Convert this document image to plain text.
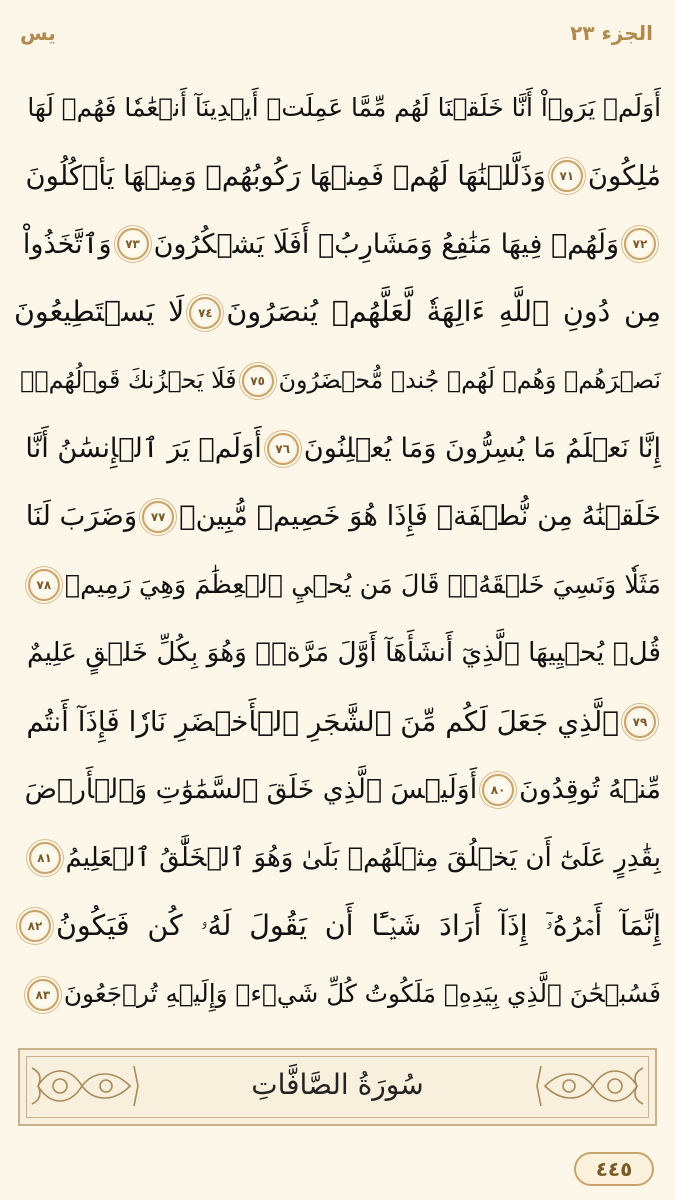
يس	الجزء ٢٣
أَوَلَمۡ يَرَوۡاْ أَنَّا خَلَقۡنَا لَهُم مِّمَّا عَمِلَتۡ أَيۡدِينَآ أَنۡعَٰمٗا فَهُمۡ لَهَا
مَٰلِكُونَ
٧١
وَذَلَّلۡنَٰهَا لَهُمۡ فَمِنۡهَا رَكُوبُهُمۡ وَمِنۡهَا يَأۡكُلُونَ
٧٢
وَلَهُمۡ فِيهَا مَنَٰفِعُ وَمَشَارِبُۚ أَفَلَا يَشۡكُرُونَ
٧٣
وَٱتَّخَذُواْ
مِن دُونِ ٱللَّهِ ءَالِهَةٗ لَّعَلَّهُمۡ يُنصَرُونَ
٧٤
لَا يَسۡتَطِيعُونَ
نَصۡرَهُمۡ وَهُمۡ لَهُمۡ جُندٞ مُّحۡضَرُونَ
٧٥
فَلَا يَحۡزُنكَ قَوۡلُهُمۡۘ
إِنَّا نَعۡلَمُ مَا يُسِرُّونَ وَمَا يُعۡلِنُونَ
٧٦
أَوَلَمۡ يَرَ ٱلۡإِنسَٰنُ أَنَّا
خَلَقۡنَٰهُ مِن نُّطۡفَةٖ فَإِذَا هُوَ خَصِيمٞ مُّبِينٞ
٧٧
وَضَرَبَ لَنَا
مَثَلٗا وَنَسِيَ خَلۡقَهُۥۖ قَالَ مَن يُحۡيِ ٱلۡعِظَٰمَ وَهِيَ رَمِيمٞ
٧٨
قُلۡ يُحۡيِيهَا ٱلَّذِيٓ أَنشَأَهَآ أَوَّلَ مَرَّةٖۖ وَهُوَ بِكُلِّ خَلۡقٍ عَلِيمٌ
٧٩
ٱلَّذِي جَعَلَ لَكُم مِّنَ ٱلشَّجَرِ ٱلۡأَخۡضَرِ نَارٗا فَإِذَآ أَنتُم
مِّنۡهُ تُوقِدُونَ
٨٠
أَوَلَيۡسَ ٱلَّذِي خَلَقَ ٱلسَّمَٰوَٰتِ وَٱلۡأَرۡضَ
بِقَٰدِرٍ عَلَىٰٓ أَن يَخۡلُقَ مِثۡلَهُمۚ بَلَىٰ وَهُوَ ٱلۡخَلَّٰقُ ٱلۡعَلِيمُ
٨١
إِنَّمَآ أَمۡرُهُۥٓ إِذَآ أَرَادَ شَيۡـًٔا أَن يَقُولَ لَهُۥ كُن فَيَكُونُ
٨٢
فَسُبۡحَٰنَ ٱلَّذِي بِيَدِهِۦ مَلَكُوتُ كُلِّ شَيۡءٖ وَإِلَيۡهِ تُرۡجَعُونَ
٨٣
سُورَةُ الصَّافَّاتِ
٤٤٥
